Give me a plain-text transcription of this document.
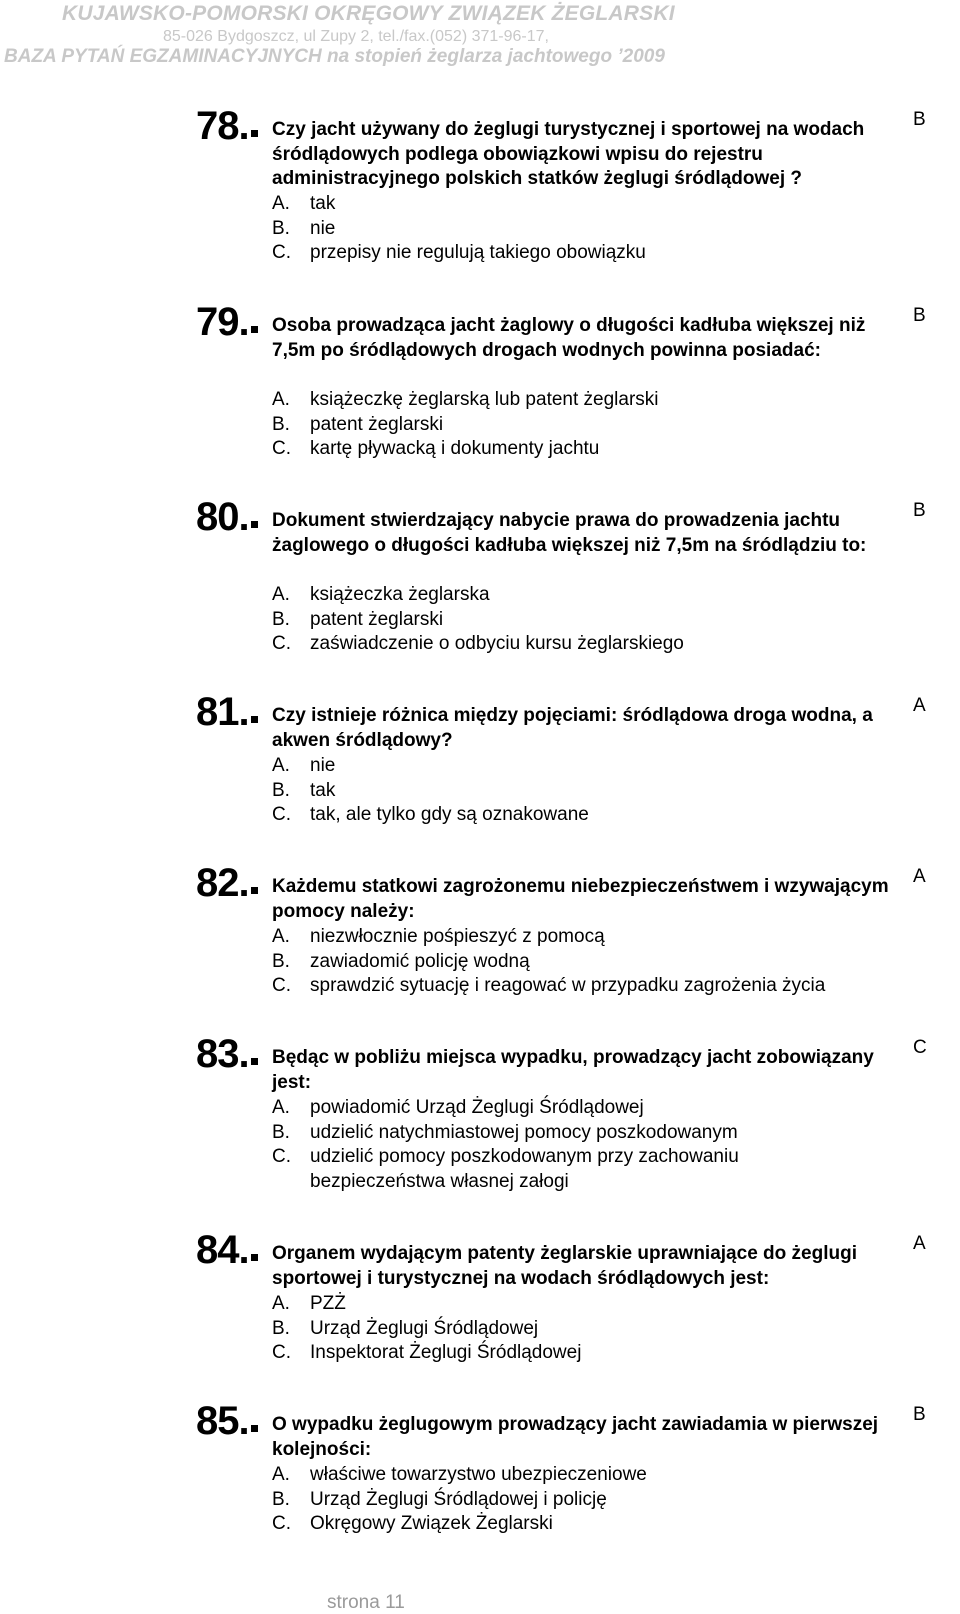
KUJAWSKO-POMORSKI OKRĘGOWY ZWIĄZEK ŻEGLARSKI
85-026 Bydgoszcz, ul Zupy 2, tel./fax.(052) 371-96-17,
BAZA PYTAŃ EGZAMINACYJNYCH na stopień żeglarza jachtowego ’2009
78.	Czy jacht używany do żeglugi turystycznej i sportowej na wodach śródlądowych podlega obowiązkowi wpisu do rejestru administracyjnego polskich statków żeglugi śródlądowej ?
A. tak
B. nie
C. przepisy nie regulują takiego obowiązku
B
79.	Osoba prowadząca jacht żaglowy o długości kadłuba większej niż 7,5m po śródlądowych drogach wodnych powinna posiadać:
A. książeczkę żeglarską lub patent żeglarski
B. patent żeglarski
C. kartę pływacką i dokumenty jachtu
B
80.	Dokument stwierdzający nabycie prawa do prowadzenia jachtu żaglowego o długości kadłuba większej niż 7,5m na śródlądziu to:
A. książeczka żeglarska
B. patent żeglarski
C. zaświadczenie o odbyciu kursu żeglarskiego
B
81.	Czy istnieje różnica między pojęciami: śródlądowa droga wodna, a akwen śródlądowy?
A. nie
B. tak
C. tak, ale tylko gdy są oznakowane
A
82.	Każdemu statkowi zagrożonemu niebezpieczeństwem i wzywającym pomocy należy:
A. niezwłocznie pośpieszyć z pomocą
B. zawiadomić policję wodną
C. sprawdzić sytuację i reagować w przypadku zagrożenia życia
A
83.	Będąc w pobliżu miejsca wypadku, prowadzący jacht zobowiązany jest:
A. powiadomić Urząd Żeglugi Śródlądowej
B. udzielić natychmiastowej pomocy poszkodowanym
C. udzielić pomocy poszkodowanym przy zachowaniu bezpieczeństwa własnej załogi
C
84.	Organem wydającym patenty żeglarskie uprawniające do żeglugi sportowej i turystycznej na wodach śródlądowych jest:
A. PZŻ
B. Urząd Żeglugi Śródlądowej
C. Inspektorat Żeglugi Śródlądowej
A
85.	O wypadku żeglugowym prowadzący jacht zawiadamia w pierwszej kolejności:
A. właściwe towarzystwo ubezpieczeniowe
B. Urząd Żeglugi Śródlądowej i policję
C. Okręgowy Związek Żeglarski
B
strona 11
